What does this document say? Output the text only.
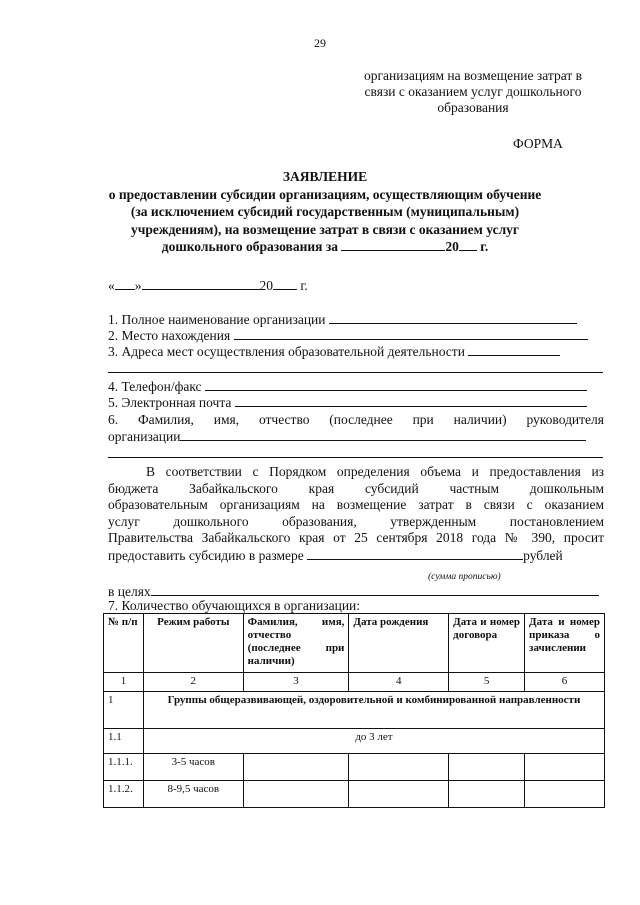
29
организациям на возмещение затрат в
связи с оказанием услуг дошкольного
образования
ФОРМА
ЗАЯВЛЕНИЕ
о предоставлении субсидии организациям, осуществляющим обучение
(за исключением субсидий государственным (муниципальным)
учреждениям), на возмещение затрат в связи с оказанием услуг
дошкольного образования за	20 г.
« »	20 г.
1. Полное наименование организации
2. Место нахождения
3. Адреса мест осуществления образовательной деятельности
4. Телефон/факс
5. Электронная почта
6. Фамилия, имя, отчество (последнее при наличии) руководителя
организации

В соответствии с Порядком определения объема и предоставления из

бюджета Забайкальского края субсидий частным дошкольным

образовательным организациям на возмещение затрат в связи с оказанием

услуг дошкольного образования, утвержденным постановлением

Правительства Забайкальского края от 25 сентября 2018 года № 390, просит

предоставить субсидию в размере	рублей

(сумма прописью)
в целях
7. Количество обучающихся в организации:
№ п/п	Режим работы	Фамилия, имя, отчество (последнее при наличии)	Дата рождения	Дата и номер договора	Дата и номер приказа о зачислении
1	2	3	4	5	6
1	Группы общеразвивающей, оздоровительной и комбинированной направленности				
1.1	до 3 лет				
1.1.1.	3-5 часов				
1.1.2.	8-9,5 часов				
